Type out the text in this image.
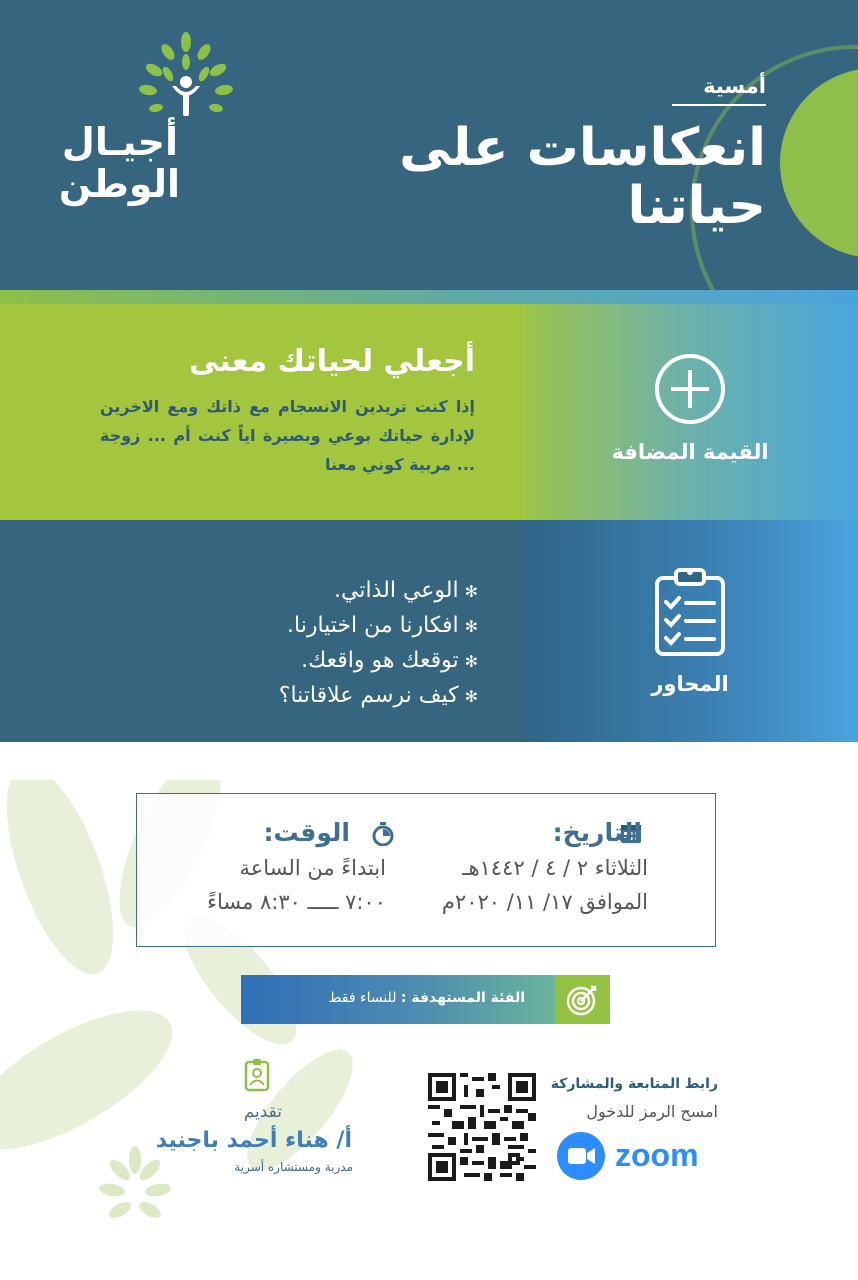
أجيـال
الوطن
أمسية
انعكاسات على
حياتنا
القيمة المضافة
أجعلي لحياتك معنى
إذا كنت تريدين الانسجام مع ذاتك ومع الاخرين لإدارة حياتك بوعي وبصيرة اياً كنت أم ... زوجة ... مربية كوني معنا
المحاور
✻الوعي الذاتي.
✻افكارنا من اختيارنا.
✻توقعك هو واقعك.
✻كيف نرسم علاقاتنا؟
التاريخ:
الثلاثاء ٢ / ٤ / ١٤٤٢هـ
الموافق ١٧/ ١١/ ٢٠٢٠م
الوقت:
ابتداءً من الساعة
٧:٠٠ ـــــ ٨:٣٠ مساءً
الفئة المستهدفة : للنساء فقط
تقديم
أ/ هناء أحمد باجنيد
مدربة ومستشاره أسرية
رابط المتابعة والمشاركة
امسح الرمز للدخول
zoom
